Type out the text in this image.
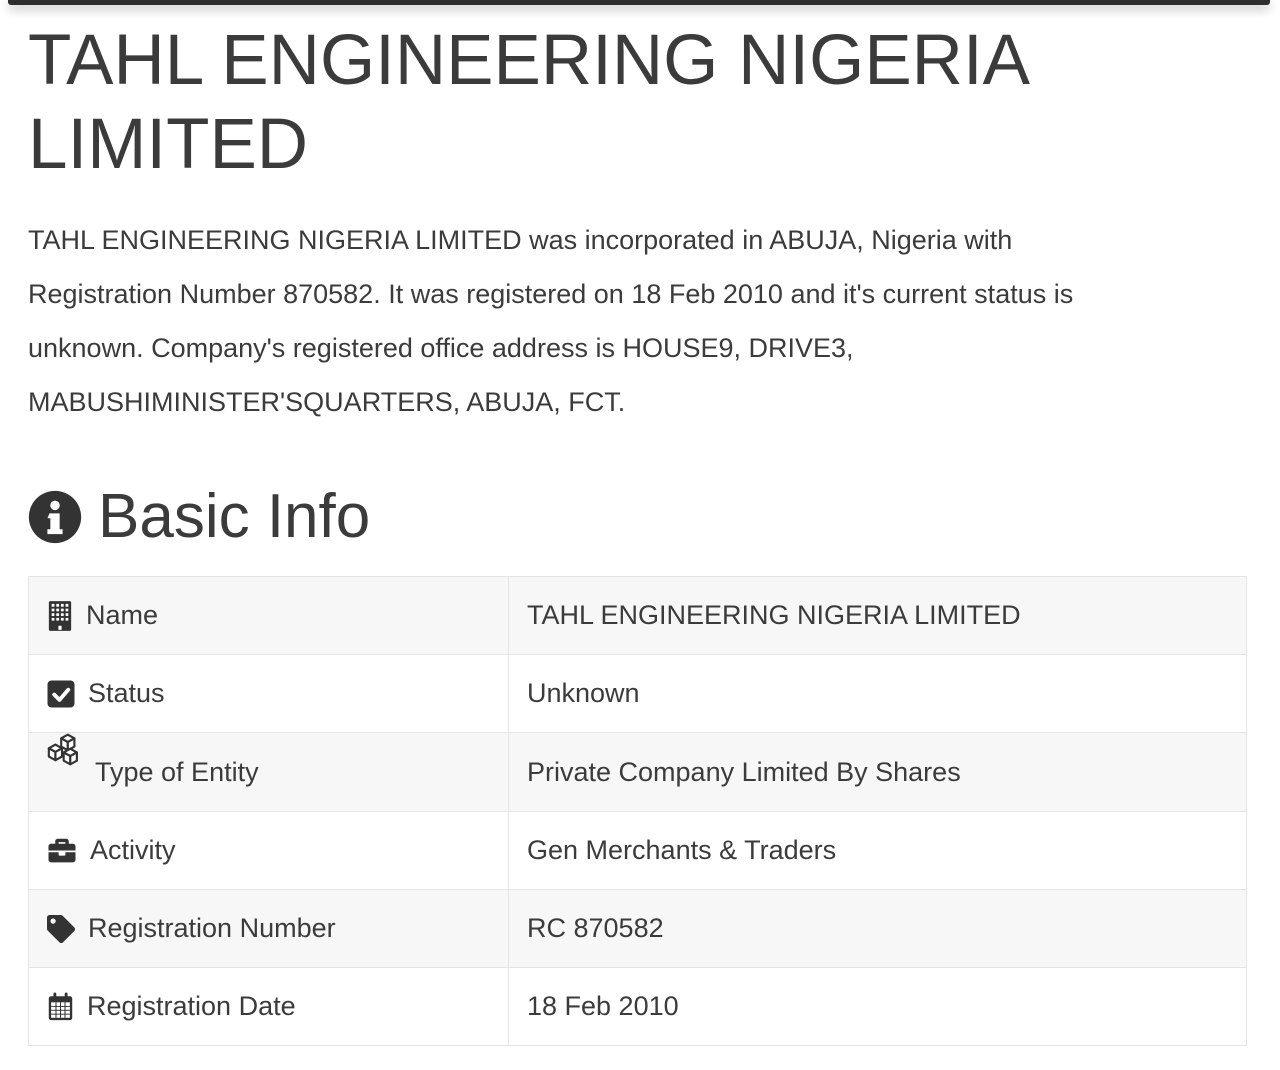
TAHL ENGINEERING NIGERIA LIMITED

TAHL ENGINEERING NIGERIA LIMITED was incorporated in ABUJA, Nigeria with Registration Number 870582. It was registered on 18 Feb 2010 and it's current status is unknown. Company's registered office address is HOUSE9, DRIVE3, MABUSHIMINISTER'SQUARTERS, ABUJA, FCT.

Basic Info
Name	TAHL ENGINEERING NIGERIA LIMITED

Status	Unknown

Type of Entity	Private Company Limited By Shares

Activity	Gen Merchants & Traders

Registration Number	RC 870582

Registration Date	18 Feb 2010
